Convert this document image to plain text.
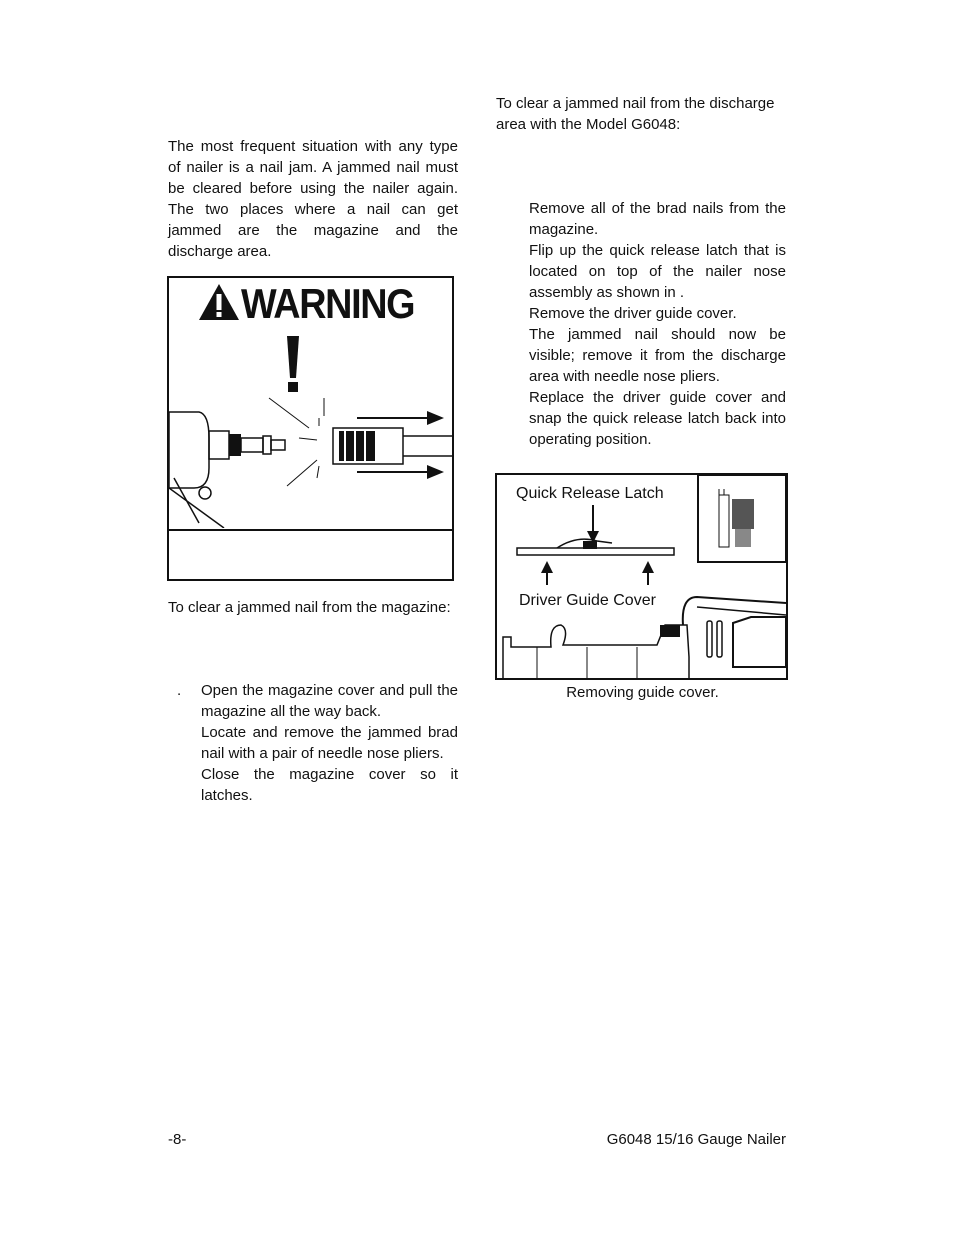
The most frequent situation with any type of nailer is a nail jam. A jammed nail must be cleared before using the nailer again. The two places where a nail can get jammed are the magazine and the discharge area.

WARNING

To clear a jammed nail from the magazine:

. Open the magazine cover and pull the magazine all the way back.
Locate and remove the jammed brad nail with a pair of needle nose pliers.
Close the magazine cover so it latches.

To clear a jammed nail from the discharge area with the Model G6048:

Remove all of the brad nails from the magazine.
Flip up the quick release latch that is located on top of the nailer nose assembly as shown in .
Remove the driver guide cover.
The jammed nail should now be visible; remove it from the discharge area with needle nose pliers.
Replace the driver guide cover and snap the quick release latch back into operating position.
Quick Release Latch
Driver Guide Cover
Removing guide cover.
-8-	G6048 15/16 Gauge Nailer
